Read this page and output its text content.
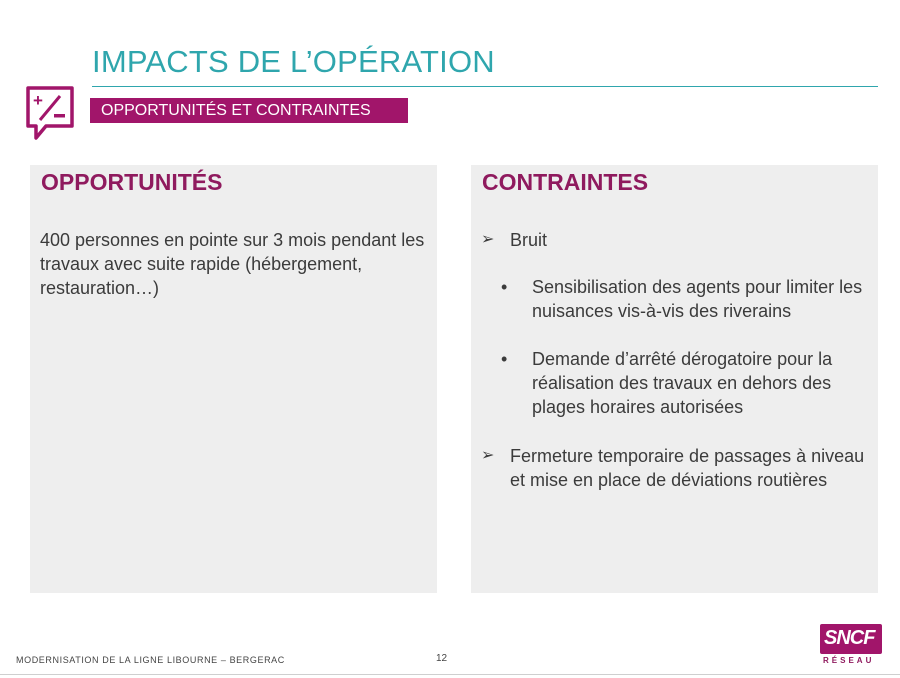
IMPACTS DE L’OPÉRATION
+
OPPORTUNITÉS ET CONTRAINTES
OPPORTUNITÉS
400 personnes en pointe sur 3 mois pendant les travaux avec suite rapide (hébergement, restauration…)
CONTRAINTES
➢ Bruit
• Sensibilisation des agents pour limiter les nuisances vis-à-vis des riverains
• Demande d’arrêté dérogatoire pour la réalisation des travaux en dehors des plages horaires autorisées
➢ Fermeture temporaire de passages à niveau et mise en place de déviations routières
MODERNISATION DE LA LIGNE LIBOURNE – BERGERAC	12
SNCF
RÉSEAU
